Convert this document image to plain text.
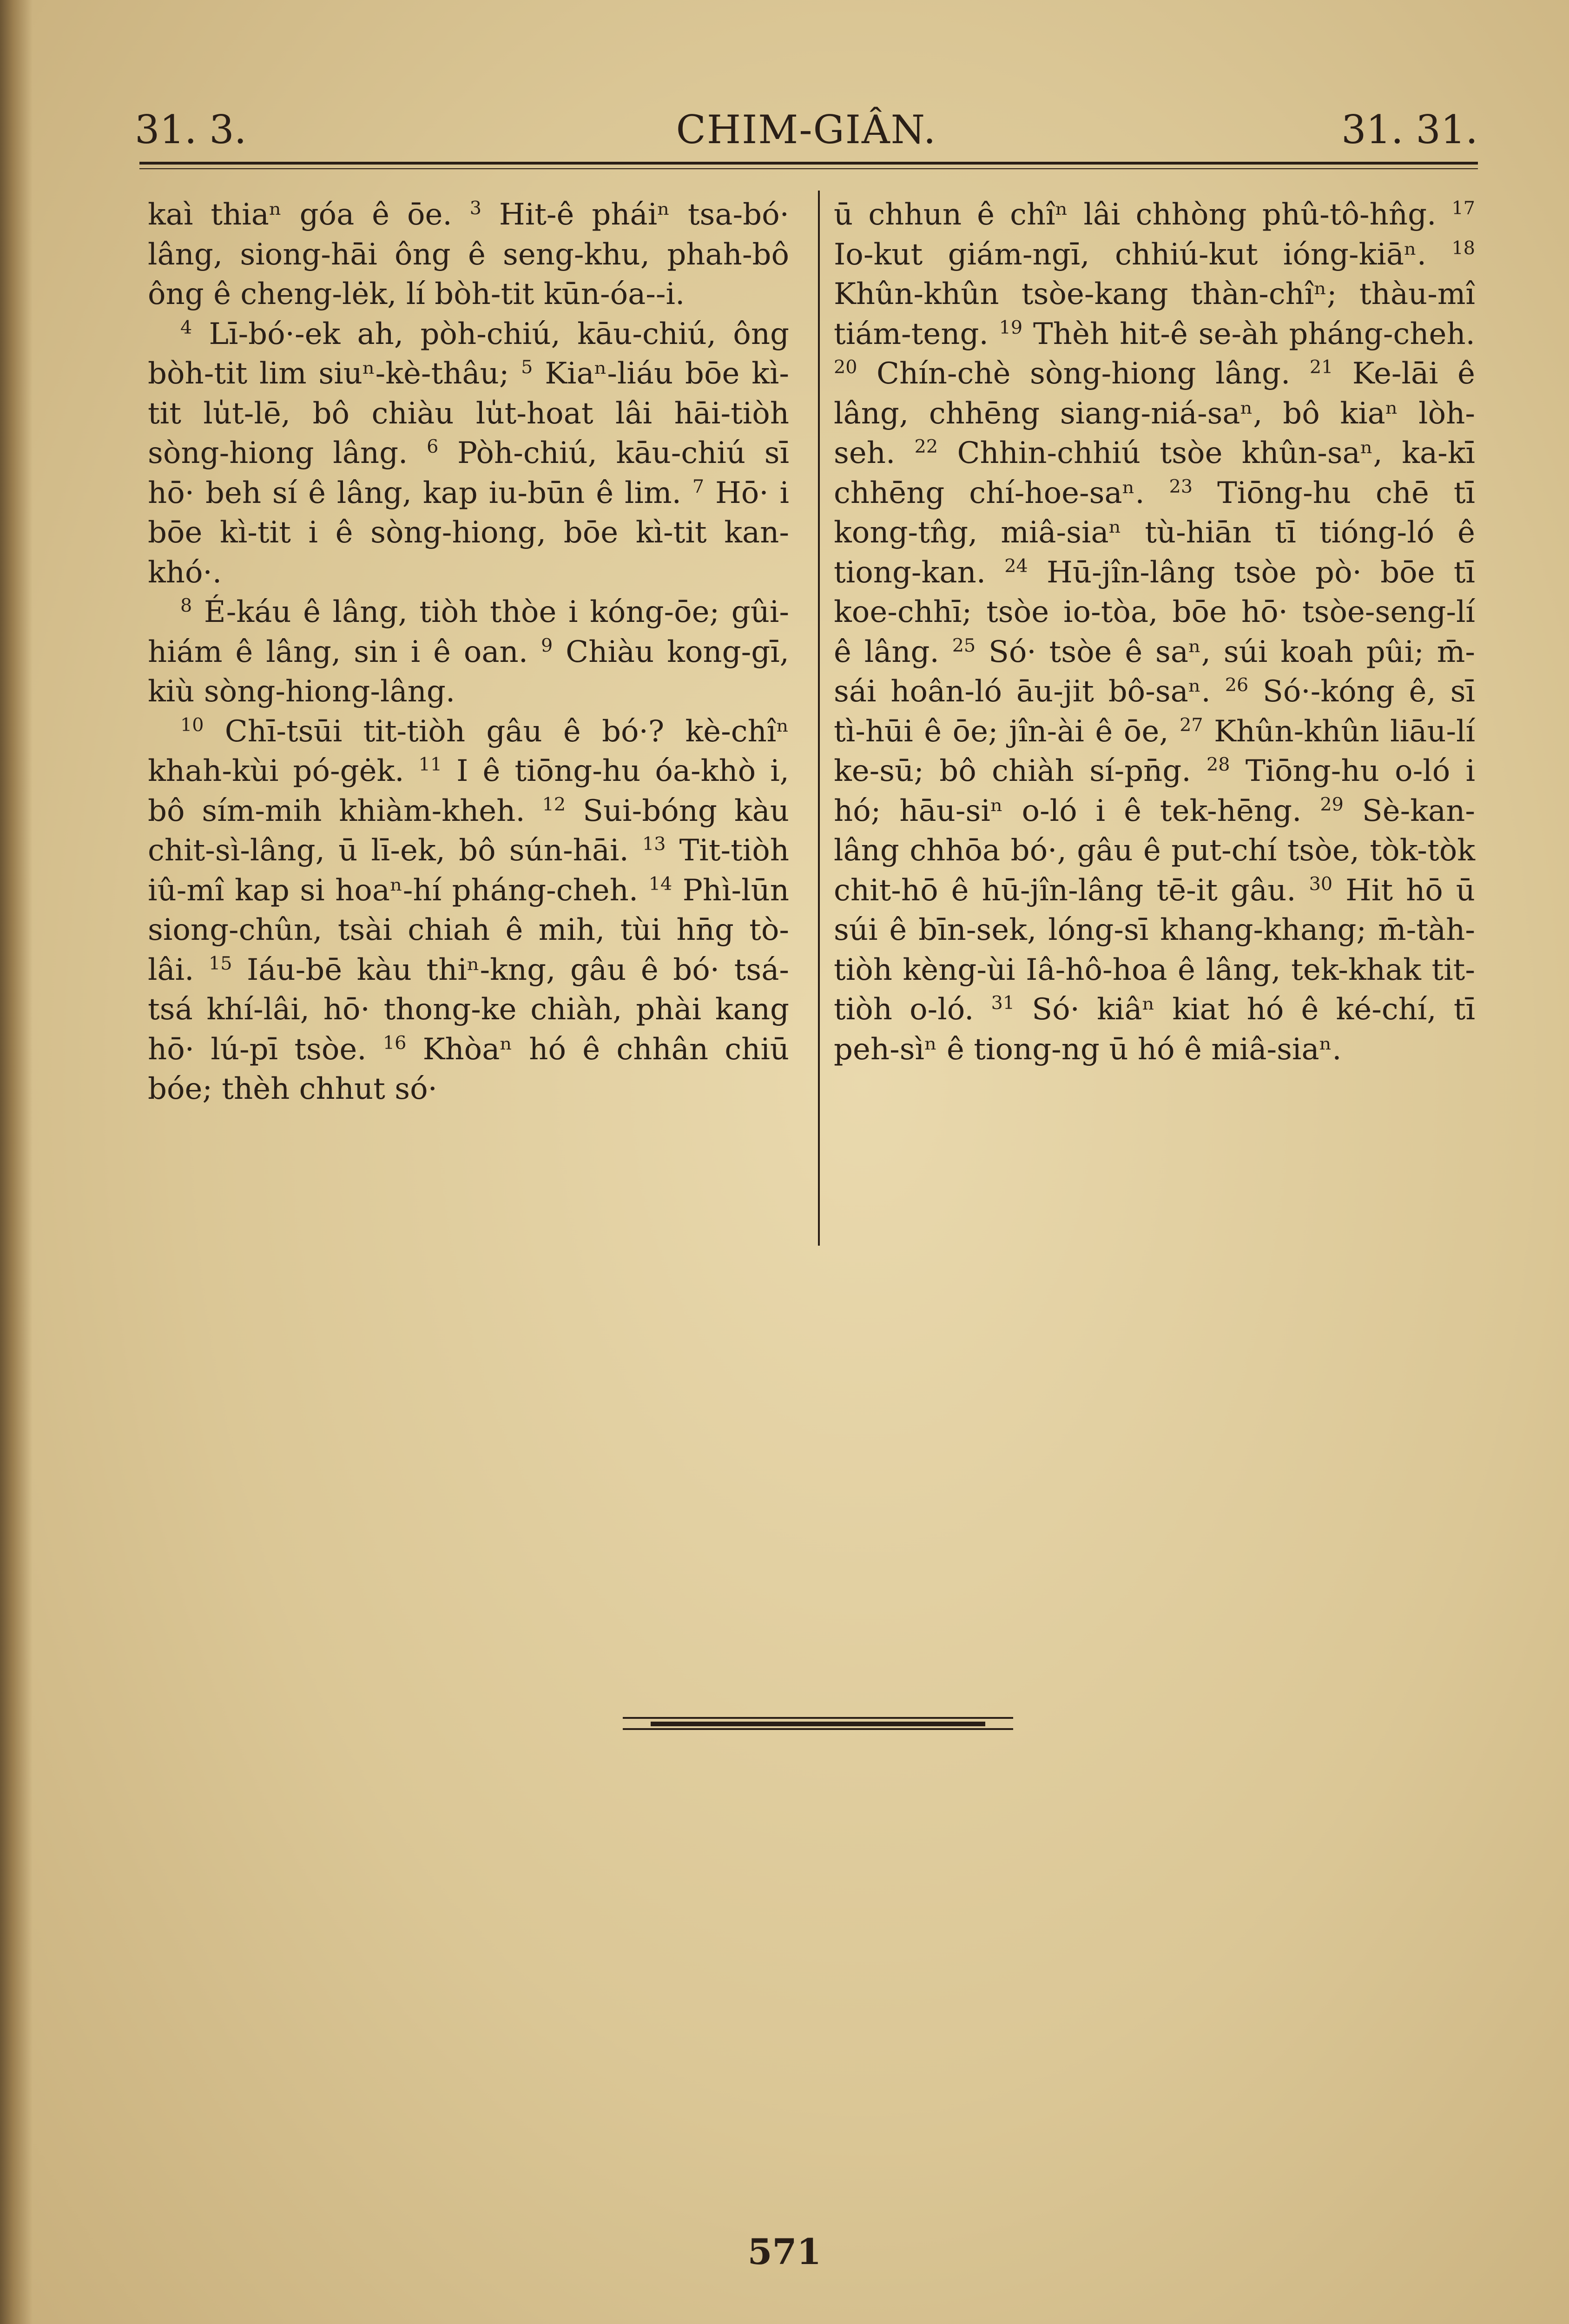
31. 3.	CHIM-GIÂN.	31. 31.

kaì thiaⁿ góa ê ōe. $^3$ Hit-ê pháiⁿ tsa-bó· lâng, siong-hāi ông ê seng-khu, phah-bô ông ê cheng-lėk, lí bòh-tit kūn-óa--i.

$^4$ Lī-bó·-ek ah, pòh-chiú, kāu-chiú, ông bòh-tit lim siuⁿ-kè-thâu; $^5$ Kiaⁿ-liáu bōe kì-tit lu̍t-lē, bô chiàu lu̍t-hoat lâi hāi-tiòh sòng-hiong lâng. $^6$ Pòh-chiú, kāu-chiú sī hō· beh sí ê lâng, kap iu-būn ê lim. $^7$ Hō· i bōe kì-tit i ê sòng-hiong, bōe kì-tit kan-khó·.

$^8$ É-káu ê lâng, tiòh thòe i kóng-ōe; gûi-hiám ê lâng, sin i ê oan. $^9$ Chiàu kong-gī, kiù sòng-hiong-lâng.

$^{10}$ Chī-tsūi tit-tiòh gâu ê bó·? kè-chîⁿ khah-kùi pó-gėk. $^{11}$ I ê tiōng-hu óa-khò i, bô sím-mih khiàm-kheh. $^{12}$ Sui-bóng kàu chit-sì-lâng, ū lī-ek, bô sún-hāi. $^{13}$ Tit-tiòh iû-mî kap si hoaⁿ-hí pháng-cheh. $^{14}$ Phì-lūn siong-chûn, tsài chiah ê mih, tùi hn̄g tò-lâi. $^{15}$ Iáu-bē kàu thiⁿ-kng, gâu ê bó· tsá-tsá khí-lâi, hō· thong-ke chiàh, phài kang hō· lú-pī tsòe. $^{16}$ Khòaⁿ hó ê chhân chiū bóe; thèh chhut só·

ū chhun ê chîⁿ lâi chhòng phû-tô-hn̂g. $^{17}$ Io-kut giám-ngī, chhiú-kut ióng-kiāⁿ. $^{18}$ Khûn-khûn tsòe-kang thàn-chîⁿ; thàu-mî tiám-teng. $^{19}$ Thèh hit-ê se-àh pháng-cheh. $^{20}$ Chín-chè sòng-hiong lâng. $^{21}$ Ke-lāi ê lâng, chhēng siang-niá-saⁿ, bô kiaⁿ lòh-seh. $^{22}$ Chhin-chhiú tsòe khûn-saⁿ, ka-kī chhēng chí-hoe-saⁿ. $^{23}$ Tiōng-hu chē tī kong-tn̂g, miâ-siaⁿ tù-hiān tī tióng-ló ê tiong-kan. $^{24}$ Hū-jîn-lâng tsòe pò· bōe tī koe-chhī; tsòe io-tòa, bōe hō· tsòe-seng-lí ê lâng. $^{25}$ Só· tsòe ê saⁿ, súi koah pûi; m̄-sái hoân-ló āu-jit bô-saⁿ. $^{26}$ Só·-kóng ê, sī tì-hūi ê ōe; jîn-ài ê ōe, $^{27}$ Khûn-khûn liāu-lí ke-sū; bô chiàh sí-pn̄g. $^{28}$ Tiōng-hu o-ló i hó; hāu-siⁿ o-ló i ê tek-hēng. $^{29}$ Sè-kan-lâng chhōa bó·, gâu ê put-chí tsòe, tòk-tòk chit-hō ê hū-jîn-lâng tē-it gâu. $^{30}$ Hit hō ū súi ê bīn-sek, lóng-sī khang-khang; m̄-tàh-tiòh kèng-ùi Iâ-hô-hoa ê lâng, tek-khak tit-tiòh o-ló. $^{31}$ Só· kiâⁿ kiat hó ê ké-chí, tī peh-sìⁿ ê tiong-ng ū hó ê miâ-siaⁿ.

571
